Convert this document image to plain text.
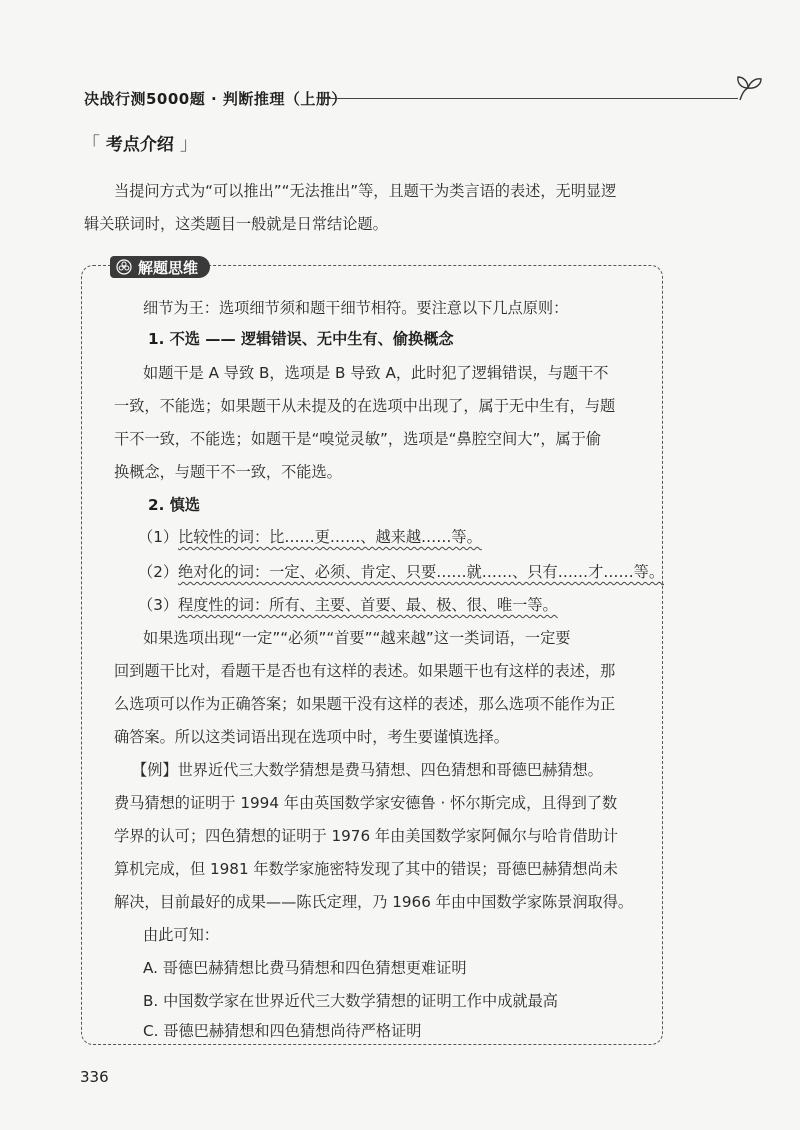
决战行测5000题 · 判断推理（上册）
「 考点介绍 」
当提问方式为“可以推出”“无法推出”等，且题干为类言语的表述，无明显逻
辑关联词时，这类题目一般就是日常结论题。
解题思维
细节为王：选项细节须和题干细节相符。要注意以下几点原则：
1. 不选 —— 逻辑错误、无中生有、偷换概念
如题干是 A 导致 B，选项是 B 导致 A，此时犯了逻辑错误，与题干不
一致，不能选；如果题干从未提及的在选项中出现了，属于无中生有，与题
干不一致，不能选；如题干是“嗅觉灵敏”，选项是“鼻腔空间大”，属于偷
换概念，与题干不一致，不能选。
2. 慎选
（1）比较性的词：比……更……、越来越……等。
（2）绝对化的词：一定、必须、肯定、只要……就……、只有……才……等。
（3）程度性的词：所有、主要、首要、最、极、很、唯一等。
如果选项出现“一定”“必须”“首要”“越来越”这一类词语，一定要
回到题干比对，看题干是否也有这样的表述。如果题干也有这样的表述，那
么选项可以作为正确答案；如果题干没有这样的表述，那么选项不能作为正
确答案。所以这类词语出现在选项中时，考生要谨慎选择。
【例】世界近代三大数学猜想是费马猜想、四色猜想和哥德巴赫猜想。
费马猜想的证明于 1994 年由英国数学家安德鲁 · 怀尔斯完成，且得到了数
学界的认可；四色猜想的证明于 1976 年由美国数学家阿佩尔与哈肯借助计
算机完成，但 1981 年数学家施密特发现了其中的错误；哥德巴赫猜想尚未
解决，目前最好的成果——陈氏定理，乃 1966 年由中国数学家陈景润取得。
由此可知：
A. 哥德巴赫猜想比费马猜想和四色猜想更难证明
B. 中国数学家在世界近代三大数学猜想的证明工作中成就最高
C. 哥德巴赫猜想和四色猜想尚待严格证明
336
